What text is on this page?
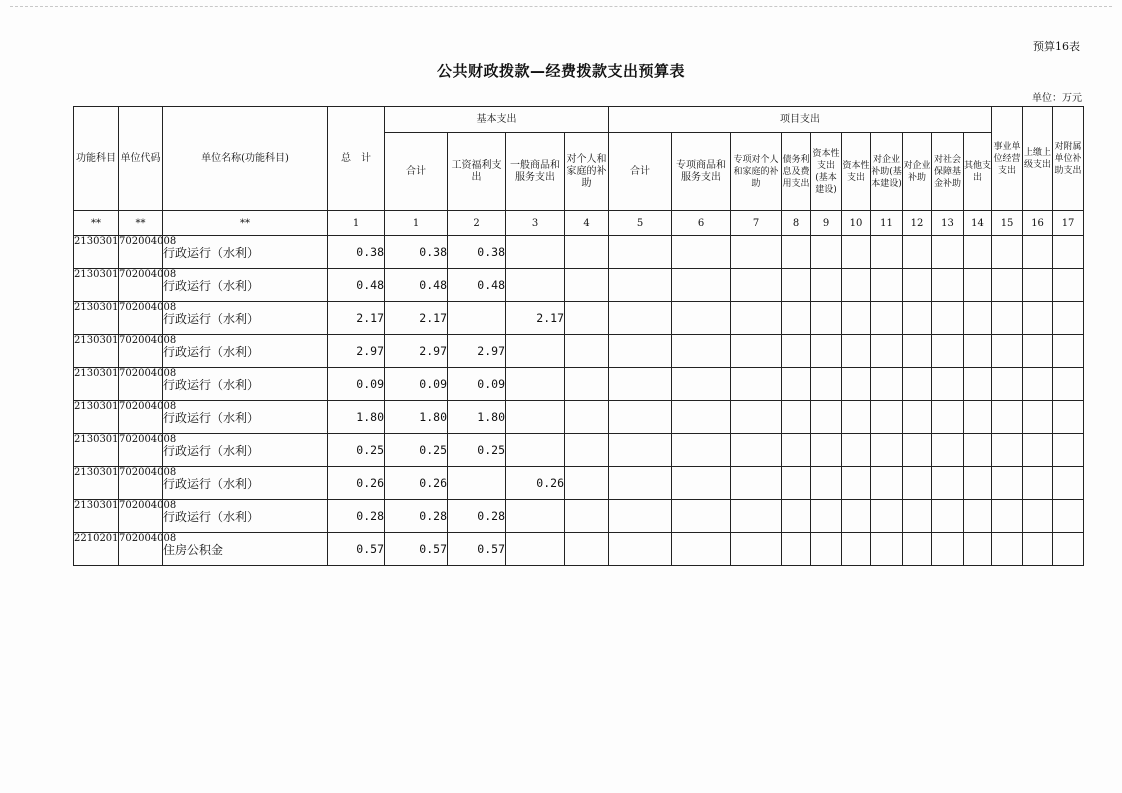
预算16表
公共财政拨款—经费拨款支出预算表
单位：万元
功能科目	单位代码	单位名称(功能科目)	总　计	基本支出				项目支出										事业单位经营支出	上缴上级支出	对附属单位补助支出
				合计	工资福利支出	一般商品和服务支出	对个人和家庭的补助	合计	专项商品和服务支出	专项对个人和家庭的补助	债务利息及费用支出	资本性支出(基本建设)	资本性支出	对企业补助(基本建设)	对企业补助	对社会保障基金补助	其他支出			
**	**	**	1	1	2	3	4	5	6	7	8	9	10	11	12	13	14	15	16	17
2130301	702004008	行政运行（水利）	0.38	0.38	0.38															
2130301	702004008	行政运行（水利）	0.48	0.48	0.48															
2130301	702004008	行政运行（水利）	2.17	2.17		2.17														
2130301	702004008	行政运行（水利）	2.97	2.97	2.97															
2130301	702004008	行政运行（水利）	0.09	0.09	0.09															
2130301	702004008	行政运行（水利）	1.80	1.80	1.80															
2130301	702004008	行政运行（水利）	0.25	0.25	0.25															
2130301	702004008	行政运行（水利）	0.26	0.26		0.26														
2130301	702004008	行政运行（水利）	0.28	0.28	0.28															
2210201	702004008	住房公积金	0.57	0.57	0.57															
